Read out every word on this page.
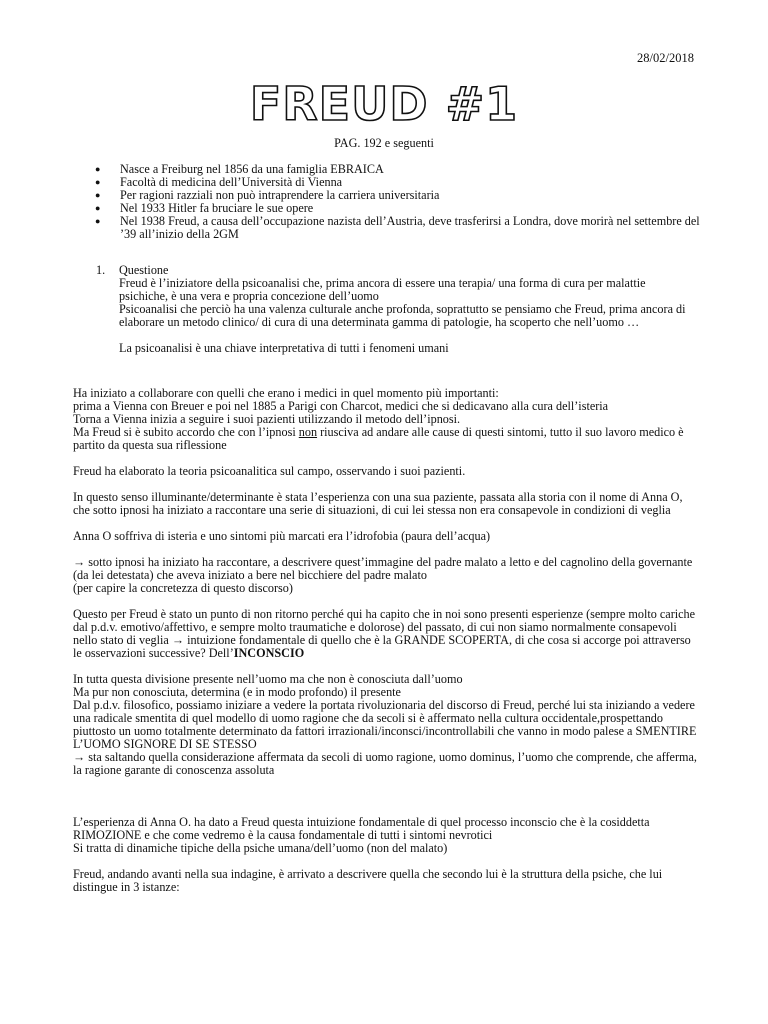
28/02/2018
FREUD #1
PAG. 192 e seguenti
● Nasce a Freiburg nel 1856 da una famiglia EBRAICA
● Facoltà di medicina dell’Università di Vienna
● Per ragioni razziali non può intraprendere la carriera universitaria
● Nel 1933 Hitler fa bruciare le sue opere
● Nel 1938 Freud, a causa dell’occupazione nazista dell’Austria, deve trasferirsi a Londra, dove morirà nel settembre del ’39 all’inizio della 2GM
1. Questione
Freud è l’iniziatore della psicoanalisi che, prima ancora di essere una terapia/ una forma di cura per malattie psichiche, è una vera e propria concezione dell’uomo
Psicoanalisi che perciò ha una valenza culturale anche profonda, soprattutto se pensiamo che Freud, prima ancora di elaborare un metodo clinico/ di cura di una determinata gamma di patologie, ha scoperto che nell’uomo …
La psicoanalisi è una chiave interpretativa di tutti i fenomeni umani

Ha iniziato a collaborare con quelli che erano i medici in quel momento più importanti:
prima a Vienna con Breuer e poi nel 1885 a Parigi con Charcot, medici che si dedicavano alla cura dell’isteria
Torna a Vienna inizia a seguire i suoi pazienti utilizzando il metodo dell’ipnosi.
Ma Freud si è subito accordo che con l’ipnosi non riusciva ad andare alle cause di questi sintomi, tutto il suo lavoro medico è partito da questa sua riflessione

Freud ha elaborato la teoria psicoanalitica sul campo, osservando i suoi pazienti.

In questo senso illuminante/determinante è stata l’esperienza con una sua paziente, passata alla storia con il nome di Anna O, che sotto ipnosi ha iniziato a raccontare una serie di situazioni, di cui lei stessa non era consapevole in condizioni di veglia

Anna O soffriva di isteria e uno sintomi più marcati era l’idrofobia (paura dell’acqua)

→ sotto ipnosi ha iniziato ha raccontare, a descrivere quest’immagine del padre malato a letto e del cagnolino della governante (da lei detestata) che aveva iniziato a bere nel bicchiere del padre malato
(per capire la concretezza di questo discorso)

Questo per Freud è stato un punto di non ritorno perché qui ha capito che in noi sono presenti esperienze (sempre molto cariche dal p.d.v. emotivo/affettivo, e sempre molto traumatiche e dolorose) del passato, di cui non siamo normalmente consapevoli nello stato di veglia → intuizione fondamentale di quello che è la GRANDE SCOPERTA, di che cosa si accorge poi attraverso le osservazioni successive? Dell’INCONSCIO

In tutta questa divisione presente nell’uomo ma che non è conosciuta dall’uomo
Ma pur non conosciuta, determina (e in modo profondo) il presente
Dal p.d.v. filosofico, possiamo iniziare a vedere la portata rivoluzionaria del discorso di Freud, perché lui sta iniziando a vedere una radicale smentita di quel modello di uomo ragione che da secoli si è affermato nella cultura occidentale,prospettando piuttosto un uomo totalmente determinato da fattori irrazionali/inconsci/incontrollabili che vanno in modo palese a SMENTIRE L’UOMO SIGNORE DI SE STESSO
→ sta saltando quella considerazione affermata da secoli di uomo ragione, uomo dominus, l’uomo che comprende, che afferma, la ragione garante di conoscenza assoluta

L’esperienza di Anna O. ha dato a Freud questa intuizione fondamentale di quel processo inconscio che è la cosiddetta RIMOZIONE e che come vedremo è la causa fondamentale di tutti i sintomi nevrotici
Si tratta di dinamiche tipiche della psiche umana/dell’uomo (non del malato)

Freud, andando avanti nella sua indagine, è arrivato a descrivere quella che secondo lui è la struttura della psiche, che lui distingue in 3 istanze:
